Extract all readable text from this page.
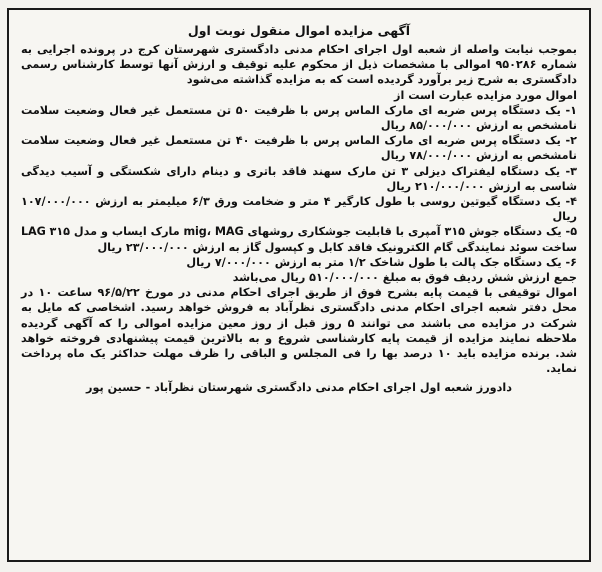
آگهی مزایده اموال منقول نوبت اول

بموجب نیابت واصله از شعبه اول اجرای احکام مدنی دادگستری شهرستان کرج در پرونده اجرایی به شماره ۹۵۰۲۸۶ اموالی با مشخصات ذیل از محکوم علیه توقیف و ارزش آنها توسط کارشناس رسمی دادگستری به شرح زیر برآورد گردیده است که به مزایده گذاشته می‌شود

اموال مورد مزایده عبارت است از

۱- یک دستگاه پرس ضربه ای مارک الماس پرس با ظرفیت ۵۰ تن مستعمل غیر فعال وضعیت سلامت نامشخص به ارزش ۸۵/۰۰۰/۰۰۰ ریال

۲- یک دستگاه پرس ضربه ای مارک الماس پرس با ظرفیت ۴۰ تن مستعمل غیر فعال وضعیت سلامت نامشخص به ارزش ۷۸/۰۰۰/۰۰۰ ریال

۳- یک دستگاه لیفتراک دیزلی ۳ تن مارک سهند فاقد باتری و دینام دارای شکستگی و آسیب دیدگی شاسی به ارزش ۲۱۰/۰۰۰/۰۰۰ ریال

۴- یک دستگاه گیوتین روسی با طول کارگیر ۴ متر و ضخامت ورق ۶/۳ میلیمتر به ارزش ۱۰۷/۰۰۰/۰۰۰ ریال

۵- یک دستگاه جوش ۳۱۵ آمپری با قابلیت جوشکاری روشهای mig، MAG مارک ایساب و مدل LAG ۳۱۵ ساخت سوئد نمایندگی گام الکترونیک فاقد کابل و کپسول گاز به ارزش ۲۳/۰۰۰/۰۰۰ ریال

۶- یک دستگاه جک پالت با طول شاخک ۱/۲ متر به ارزش ۷/۰۰۰/۰۰۰ ریال

جمع ارزش شش ردیف فوق به مبلغ ۵۱۰/۰۰۰/۰۰۰ ریال می‌باشد

اموال توقیفی با قیمت پایه بشرح فوق از طریق اجرای احکام مدنی در مورخ ۹۶/۵/۲۲ ساعت ۱۰ در محل دفتر شعبه اجرای احکام مدنی دادگستری نظرآباد به فروش خواهد رسید. اشخاصی که مایل به شرکت در مزایده می باشند می توانند ۵ روز قبل از روز معین مزایده اموالی را که آگهی گردیده ملاحظه نمایند مزایده از قیمت پایه کارشناسی شروع و به بالاترین قیمت پیشنهادی فروخته خواهد شد. برنده مزایده باید ۱۰ درصد بها را فی المجلس و الباقی را ظرف مهلت حداکثر یک ماه پرداخت نماید.

دادورز شعبه اول اجرای احکام مدنی دادگستری شهرستان نظرآباد - حسین پور
